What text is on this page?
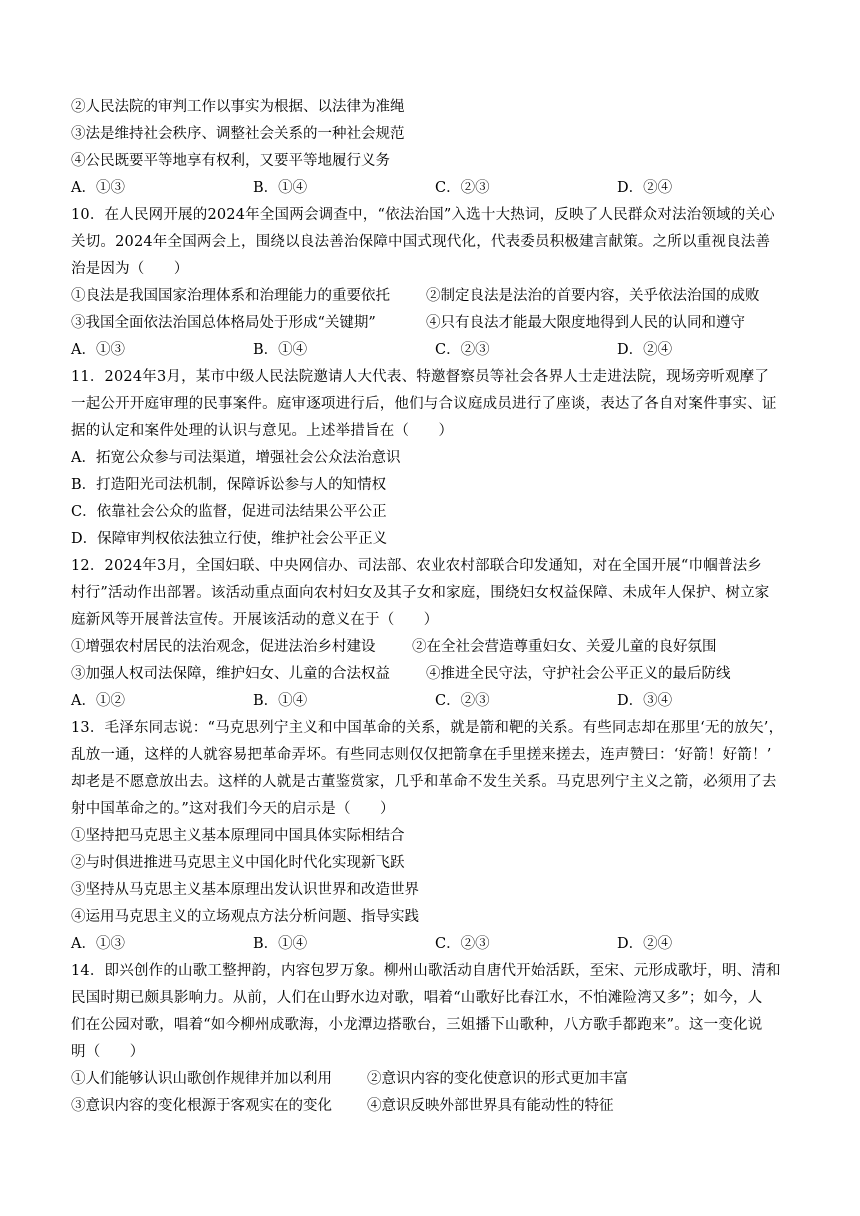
②人民法院的审判工作以事实为根据、以法律为准绳
③法是维持社会秩序、调整社会关系的一种社会规范
④公民既要平等地享有权利，又要平等地履行义务
A．①③	B．①④	C．②③	D．②④
10．在人民网开展的2024年全国两会调查中，“依法治国”入选十大热词，反映了人民群众对法治领域的关心
关切。2024年全国两会上，围绕以良法善治保障中国式现代化，代表委员积极建言献策。之所以重视良法善
治是因为（　　）
①良法是我国国家治理体系和治理能力的重要依托 ②制定良法是法治的首要内容，关乎依法治国的成败
③我国全面依法治国总体格局处于形成“关键期”	④只有良法才能最大限度地得到人民的认同和遵守
A．①③	B．①④	C．②③	D．②④
11．2024年3月，某市中级人民法院邀请人大代表、特邀督察员等社会各界人士走进法院，现场旁听观摩了
一起公开开庭审理的民事案件。庭审逐项进行后，他们与合议庭成员进行了座谈，表达了各自对案件事实、证
据的认定和案件处理的认识与意见。上述举措旨在（　　）
A．拓宽公众参与司法渠道，增强社会公众法治意识
B．打造阳光司法机制，保障诉讼参与人的知情权
C．依靠社会公众的监督，促进司法结果公平公正
D．保障审判权依法独立行使，维护社会公平正义
12．2024年3月，全国妇联、中央网信办、司法部、农业农村部联合印发通知，对在全国开展“巾帼普法乡
村行”活动作出部署。该活动重点面向农村妇女及其子女和家庭，围绕妇女权益保障、未成年人保护、树立家
庭新风等开展普法宣传。开展该活动的意义在于（　　）
①增强农村居民的法治观念，促进法治乡村建设	②在全社会营造尊重妇女、关爱儿童的良好氛围
③加强人权司法保障，维护妇女、儿童的合法权益 ④推进全民守法，守护社会公平正义的最后防线
A．①②	B．①④	C．②③	D．③④
13．毛泽东同志说：“马克思列宁主义和中国革命的关系，就是箭和靶的关系。有些同志却在那里‘无的放矢’，
乱放一通，这样的人就容易把革命弄坏。有些同志则仅仅把箭拿在手里搓来搓去，连声赞曰：‘好箭！好箭！’
却老是不愿意放出去。这样的人就是古董鉴赏家，几乎和革命不发生关系。马克思列宁主义之箭，必须用了去
射中国革命之的。”这对我们今天的启示是（　　）
①坚持把马克思主义基本原理同中国具体实际相结合
②与时俱进推进马克思主义中国化时代化实现新飞跃
③坚持从马克思主义基本原理出发认识世界和改造世界
④运用马克思主义的立场观点方法分析问题、指导实践
A．①③	B．①④	C．②③	D．②④
14．即兴创作的山歌工整押韵，内容包罗万象。柳州山歌活动自唐代开始活跃，至宋、元形成歌圩，明、清和
民国时期已颇具影响力。从前，人们在山野水边对歌，唱着“山歌好比春江水，不怕滩险湾又多”；如今，人
们在公园对歌，唱着“如今柳州成歌海，小龙潭边搭歌台，三姐播下山歌种，八方歌手都跑来”。这一变化说
明（　　）
①人们能够认识山歌创作规律并加以利用 ②意识内容的变化使意识的形式更加丰富
③意识内容的变化根源于客观实在的变化 ④意识反映外部世界具有能动性的特征
